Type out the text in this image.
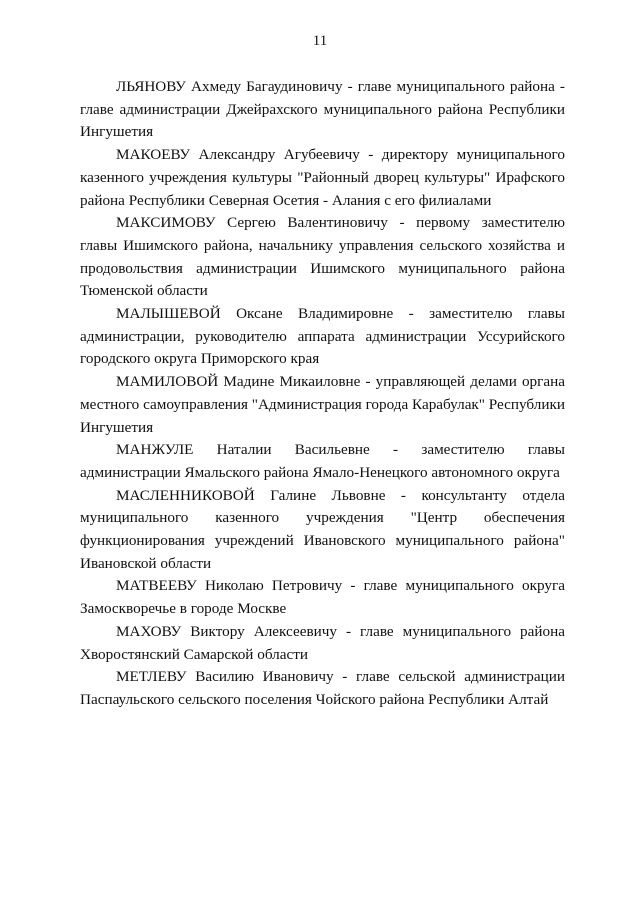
11

ЛЬЯНОВУ Ахмеду Багаудиновичу - главе муниципального района - главе администрации Джейрахского муниципального района Республики Ингушетия

МАКОЕВУ Александру Агубеевичу - директору муниципального казенного учреждения культуры "Районный дворец культуры" Ирафского района Республики Северная Осетия - Алания с его филиалами

МАКСИМОВУ Сергею Валентиновичу - первому заместителю главы Ишимского района, начальнику управления сельского хозяйства и продовольствия администрации Ишимского муниципального района Тюменской области

МАЛЫШЕВОЙ Оксане Владимировне - заместителю главы администрации, руководителю аппарата администрации Уссурийского городского округа Приморского края

МАМИЛОВОЙ Мадине Микаиловне - управляющей делами органа местного самоуправления "Администрация города Карабулак" Республики Ингушетия

МАНЖУЛЕ Наталии Васильевне - заместителю главы администрации Ямальского района Ямало-Ненецкого автономного округа

МАСЛЕННИКОВОЙ Галине Львовне - консультанту отдела муниципального казенного учреждения "Центр обеспечения функционирования учреждений Ивановского муниципального района" Ивановской области

МАТВЕЕВУ Николаю Петровичу - главе муниципального округа Замоскворечье в городе Москве

МАХОВУ Виктору Алексеевичу - главе муниципального района Хворостянский Самарской области

МЕТЛЕВУ Василию Ивановичу - главе сельской администрации Паспаульского сельского поселения Чойского района Республики Алтай
